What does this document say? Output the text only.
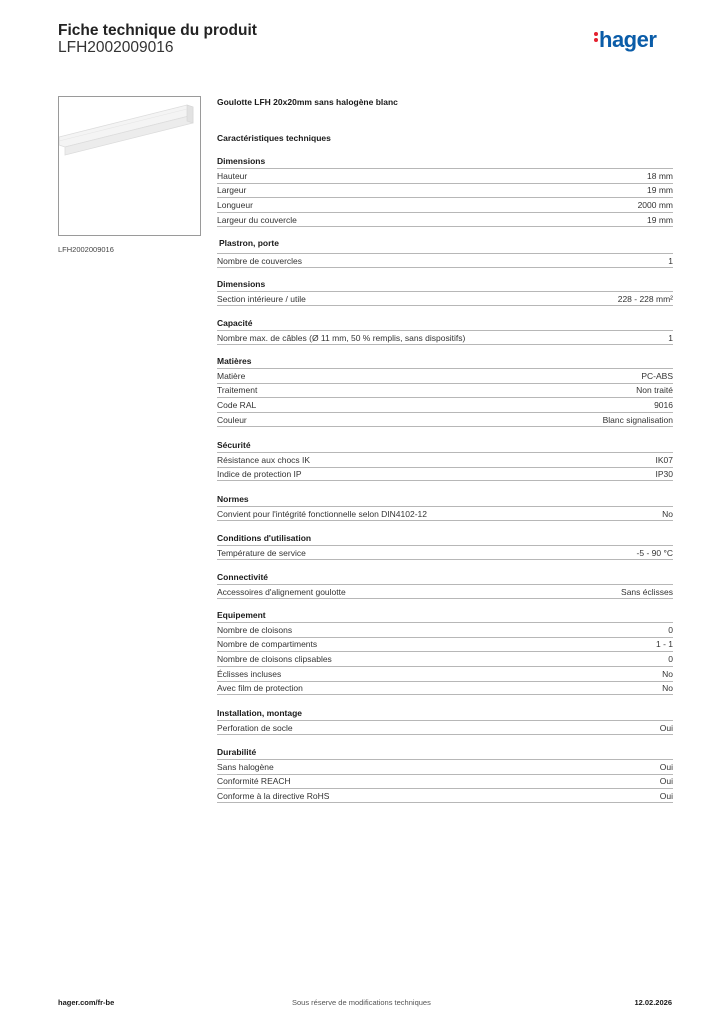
Fiche technique du produit
LFH2002009016	hager
LFH2002009016
Goulotte LFH 20x20mm sans halogène blanc
Caractéristiques techniques
Dimensions
Hauteur	18 mm
Largeur	19 mm
Longueur	2000 mm
Largeur du couvercle	19 mm
Plastron, porte
Nombre de couvercles	1
Dimensions
Section intérieure / utile	228 - 228 mm²
Capacité
Nombre max. de câbles (Ø 11 mm, 50 % remplis, sans dispositifs)	1
Matières
Matière	PC-ABS
Traitement	Non traité
Code RAL	9016
Couleur	Blanc signalisation
Sécurité
Résistance aux chocs IK	IK07
Indice de protection IP	IP30
Normes
Convient pour l'intégrité fonctionnelle selon DIN4102-12	No
Conditions d'utilisation
Température de service	-5 - 90 °C
Connectivité
Accessoires d'alignement goulotte	Sans éclisses
Equipement
Nombre de cloisons	0
Nombre de compartiments	1 - 1
Nombre de cloisons clipsables	0
Éclisses incluses	No
Avec film de protection	No
Installation, montage
Perforation de socle	Oui
Durabilité
Sans halogène	Oui
Conformité REACH	Oui
Conforme à la directive RoHS	Oui
hager.com/fr-be	Sous réserve de modifications techniques	12.02.2026
